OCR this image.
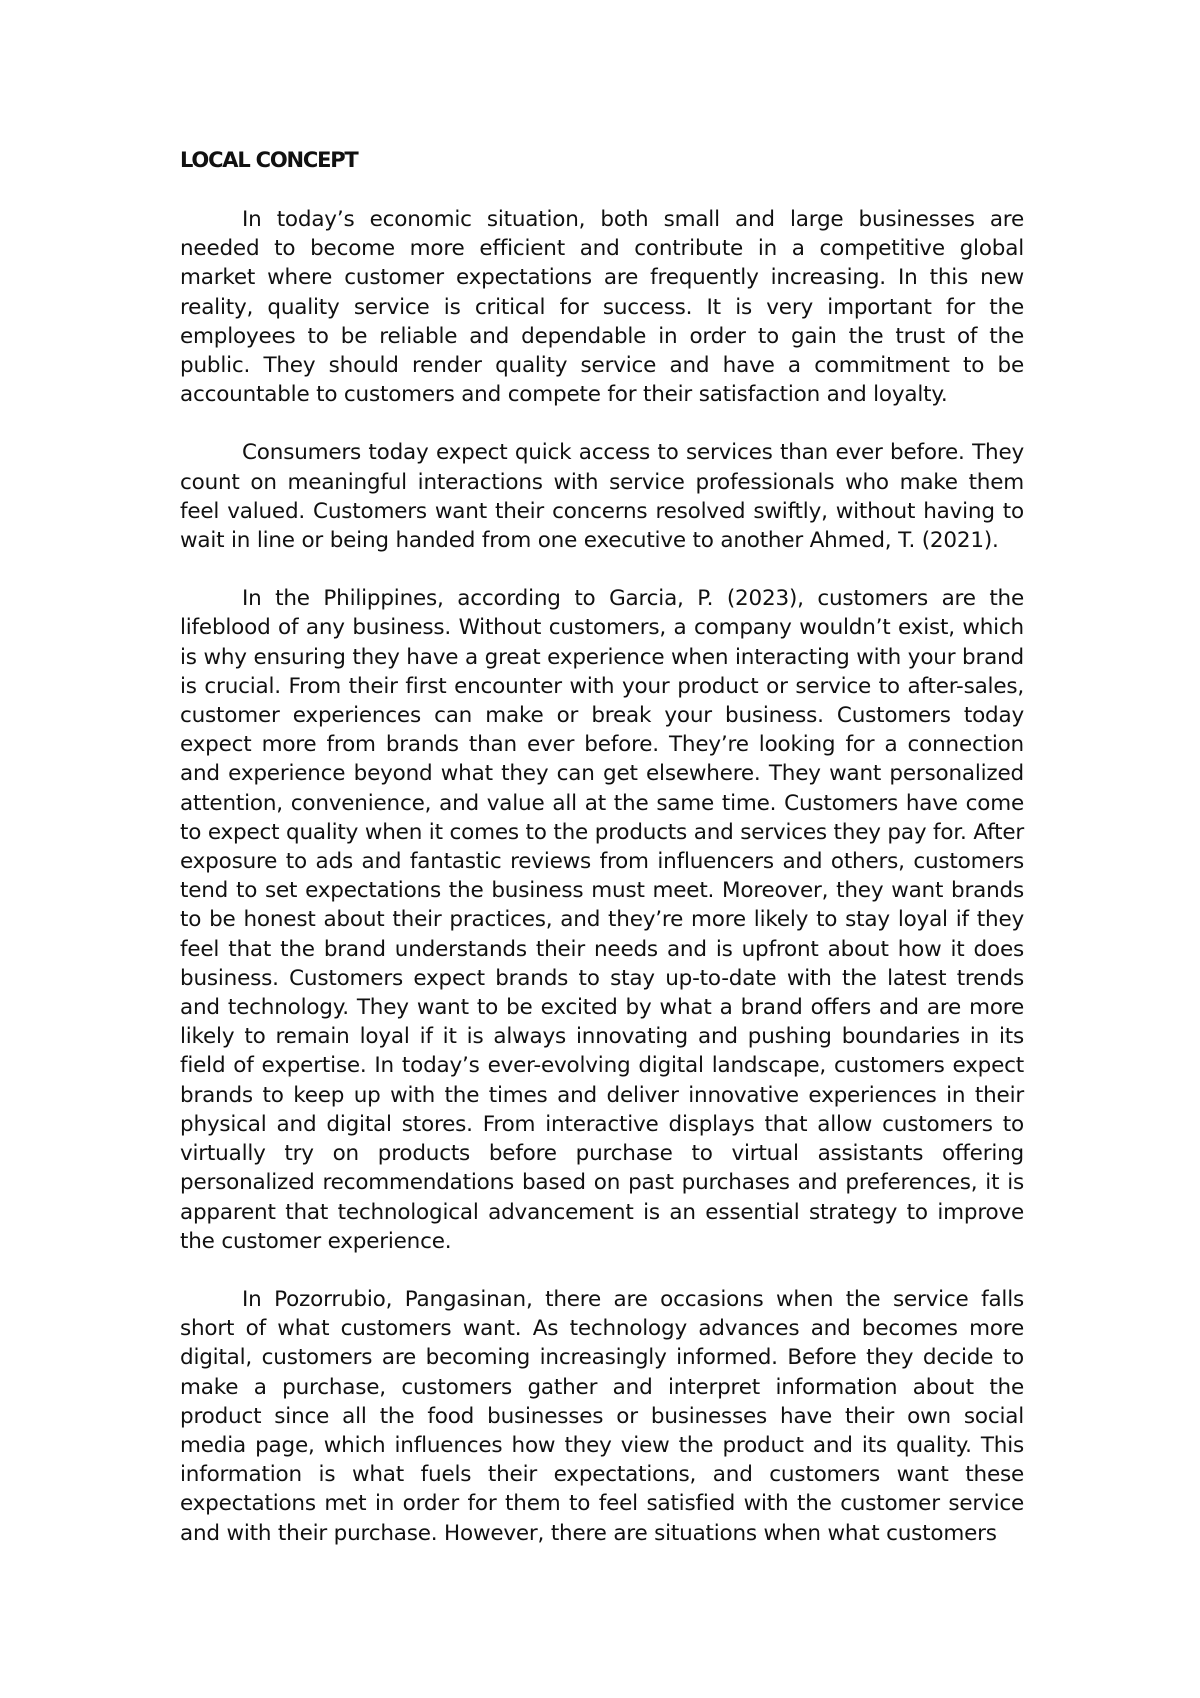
LOCAL CONCEPT

In today’s economic situation, both small and large businesses are needed to become more efficient and contribute in a competitive global market where customer expectations are frequently increasing. In this new reality, quality service is critical for success. It is very important for the employees to be reliable and dependable in order to gain the trust of the public. They should render quality service and have a commitment to be accountable to customers and compete for their satisfaction and loyalty.

Consumers today expect quick access to services than ever before. They count on meaningful interactions with service professionals who make them feel valued. Customers want their concerns resolved swiftly, without having to wait in line or being handed from one executive to another Ahmed, T. (2021).

In the Philippines, according to Garcia, P. (2023), customers are the lifeblood of any business. Without customers, a company wouldn’t exist, which is why ensuring they have a great experience when interacting with your brand is crucial. From their first encounter with your product or service to after-sales, customer experiences can make or break your business. Customers today expect more from brands than ever before. They’re looking for a connection and experience beyond what they can get elsewhere. They want personalized attention, convenience, and value all at the same time. Customers have come to expect quality when it comes to the products and services they pay for. After exposure to ads and fantastic reviews from influencers and others, customers tend to set expectations the business must meet. Moreover, they want brands to be honest about their practices, and they’re more likely to stay loyal if they feel that the brand understands their needs and is upfront about how it does business. Customers expect brands to stay up-to-date with the latest trends and technology. They want to be excited by what a brand offers and are more likely to remain loyal if it is always innovating and pushing boundaries in its field of expertise. In today’s ever-evolving digital landscape, customers expect brands to keep up with the times and deliver innovative experiences in their physical and digital stores. From interactive displays that allow customers to virtually try on products before purchase to virtual assistants offering personalized recommendations based on past purchases and preferences, it is apparent that technological advancement is an essential strategy to improve the customer experience.

In Pozorrubio, Pangasinan, there are occasions when the service falls short of what customers want. As technology advances and becomes more digital, customers are becoming increasingly informed. Before they decide to make a purchase, customers gather and interpret information about the product since all the food businesses or businesses have their own social media page, which influences how they view the product and its quality. This information is what fuels their expectations, and customers want these expectations met in order for them to feel satisfied with the customer service and with their purchase. However, there are situations when what customers
